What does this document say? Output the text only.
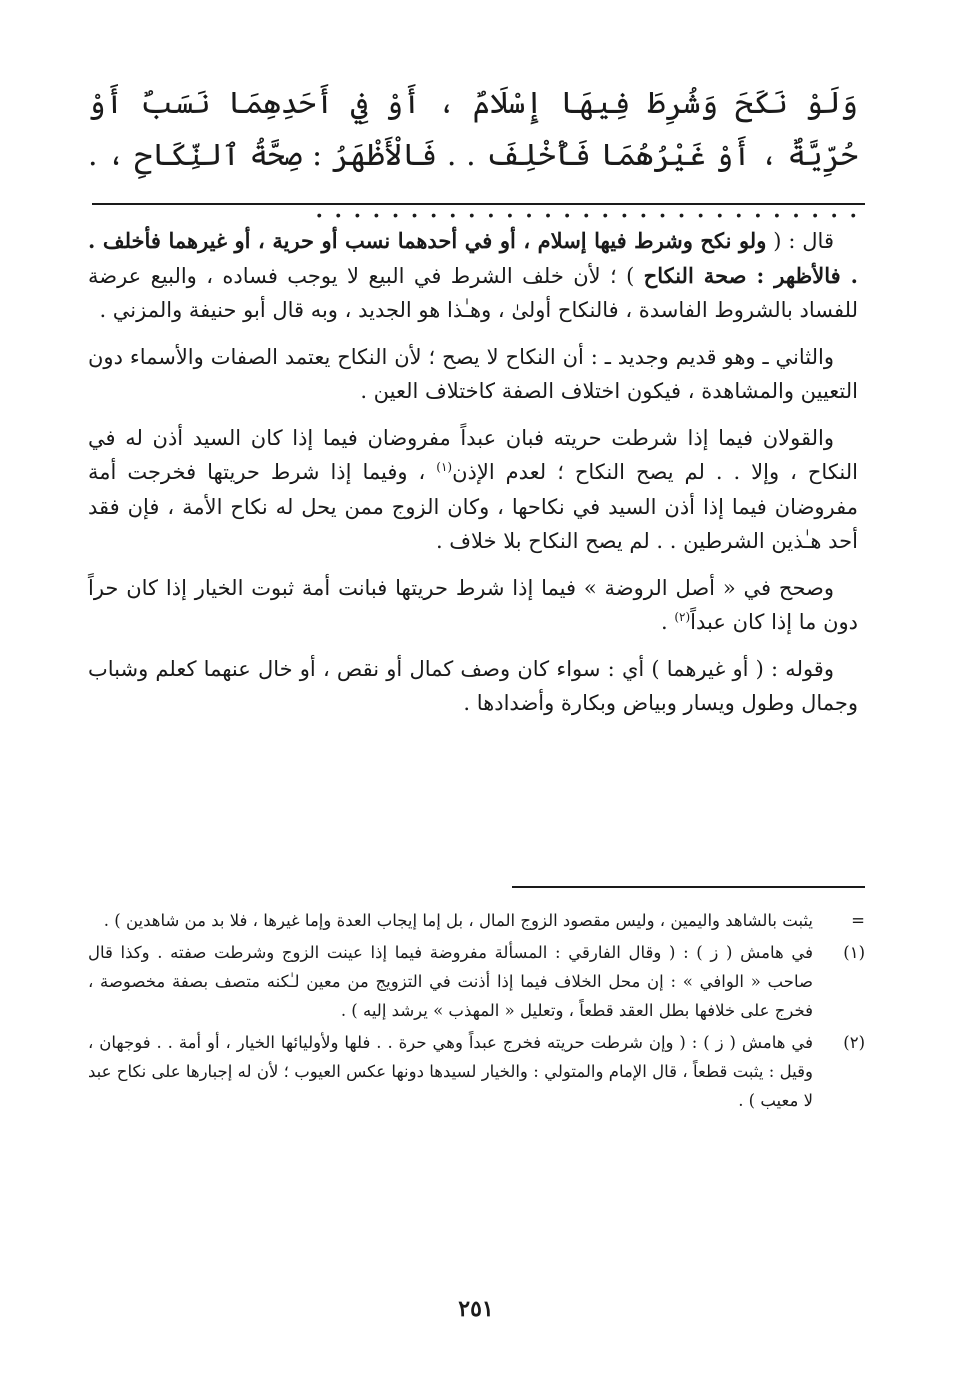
وَلَوْ نَكَحَ وَشُرِطَ فِيهَا إِسْلَامٌ ، أَوْ فِي أَحَدِهِمَا نَسَبٌ أَوْ حُرِّيَّةٌ ، أَوْ غَيْرُهُمَا فَأُخْلِفَ . . فَالْأَظْهَرُ : صِحَّةُ ٱلنِّكَاحِ ، . . . . . . . . . . . . . . . . . . . . . . . . . . . . . .

قال : ( ولو نكح وشرط فيها إسلام ، أو في أحدهما نسب أو حرية ، أو غيرهما فأخلف . . فالأظهر : صحة النكاح ) ؛ لأن خلف الشرط في البيع لا يوجب فساده ، والبيع عرضة للفساد بالشروط الفاسدة ، فالنكاح أولىٰ ، وهـٰذا هو الجديد ، وبه قال أبو حنيفة والمزني .

والثاني ـ وهو قديم وجديد ـ : أن النكاح لا يصح ؛ لأن النكاح يعتمد الصفات والأسماء دون التعيين والمشاهدة ، فيكون اختلاف الصفة كاختلاف العين .

والقولان فيما إذا شرطت حريته فبان عبداً مفروضان فيما إذا كان السيد أذن له في النكاح ، وإلا . . لم يصح النكاح ؛ لعدم الإذن$^{(١)}$ ، وفيما إذا شرط حريتها فخرجت أمة مفروضان فيما إذا أذن السيد في نكاحها ، وكان الزوج ممن يحل له نكاح الأمة ، فإن فقد أحد هـٰذين الشرطين . . لم يصح النكاح بلا خلاف .

وصحح في « أصل الروضة » فيما إذا شرط حريتها فبانت أمة ثبوت الخيار إذا كان حراً دون ما إذا كان عبداً$^{(٢)}$ .

وقوله : ( أو غيرهما ) أي : سواء كان وصف كمال أو نقص ، أو خال عنهما كعلم وشباب وجمال وطول ويسار وبياض وبكارة وأضدادها .

=
يثبت بالشاهد واليمين ، وليس مقصود الزوج المال ، بل إما إيجاب العدة وإما غيرها ، فلا بد من شاهدين ) .
(١)
في هامش ( ز ) : ( وقال الفارقي : المسألة مفروضة فيما إذا عينت الزوج وشرطت صفته . وكذا قال صاحب « الوافي » : إن محل الخلاف فيما إذا أذنت في التزويج من معين لـٰكنه متصف بصفة مخصوصة ، فخرج على خلافها بطل العقد قطعاً ، وتعليل « المهذب » يرشد إليه ) .
(٢)
في هامش ( ز ) : ( وإن شرطت حريته فخرج عبداً وهي حرة . . فلها ولأوليائها الخيار ، أو أمة . . فوجهان ، وقيل : يثبت قطعاً ، قال الإمام والمتولي : والخيار لسيدها دونها عكس العيوب ؛ لأن له إجبارها على نكاح عبد لا معيب ) .
٢٥١
